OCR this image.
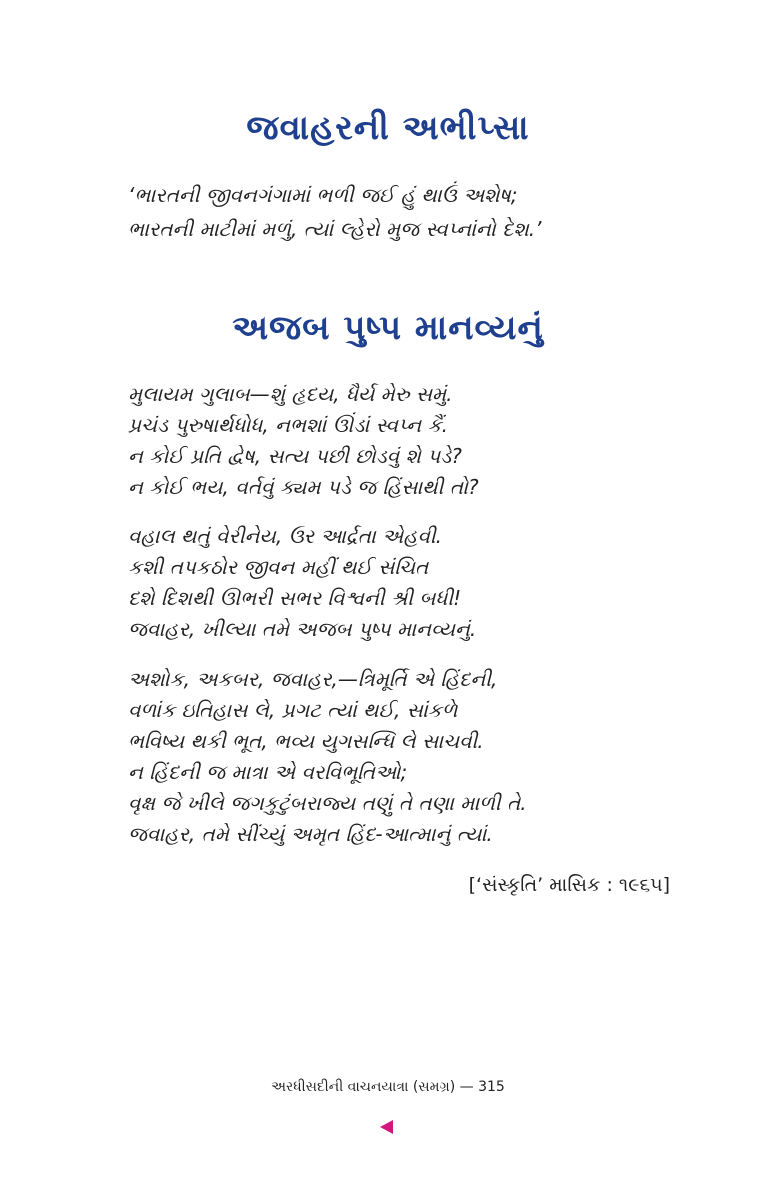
જવાહરની અભીપ્સા
‘ભારતની જીવનગંગામાં ભળી જઈ હું થાઉં અશેષ;
ભારતની માટીમાં મળું, ત્યાં લ્હેરો મુજ સ્વપ્નાંનો દેશ.’
અજબ પુષ્પ માનવ્યનું
મુલાયમ ગુલાબ—શું હૃદય, ધૈર્ય મેરુ સમું.
પ્રચંડ પુરુષાર્થધોધ, નભશાં ઊંડાં સ્વપ્ન કૈં.
ન કોઈ પ્રતિ દ્વેષ, સત્ય પછી છોડવું શે પડે?
ન કોઈ ભય, વર્તવું ક્યમ પડે જ હિંસાથી તો?
વહાલ થતું વેરીનેય, ઉર આર્દ્રતા એહવી.
કશી તપકઠોર જીવન મહીં થઈ સંચિત
દશે દિશથી ઊભરી સભર વિશ્વની શ્રી બધી!
જવાહર, ખીલ્યા તમે અજબ પુષ્પ માનવ્યનું.
અશોક, અકબર, જવાહર,—ત્રિમૂર્તિ એ હિંદની,
વળાંક ઇતિહાસ લે, પ્રગટ ત્યાં થઈ, સાંકળે
ભવિષ્ય થકી ભૂત, ભવ્ય યુગસન્ધિ લે સાચવી.
ન હિંદની જ માત્રા એ વરવિભૂતિઓ;
વૃક્ષ જે ખીલે જગકુટુંબરાજ્ય તણું તે તણા માળી તે.
જવાહર, તમે સીંચ્યું અમૃત હિંદ-આત્માનું ત્યાં.
[‘સંસ્કૃતિ’ માસિક : ૧૯૬૫]
અરધીસદીની વાચનયાત્રા (સમગ્ર) — 315
